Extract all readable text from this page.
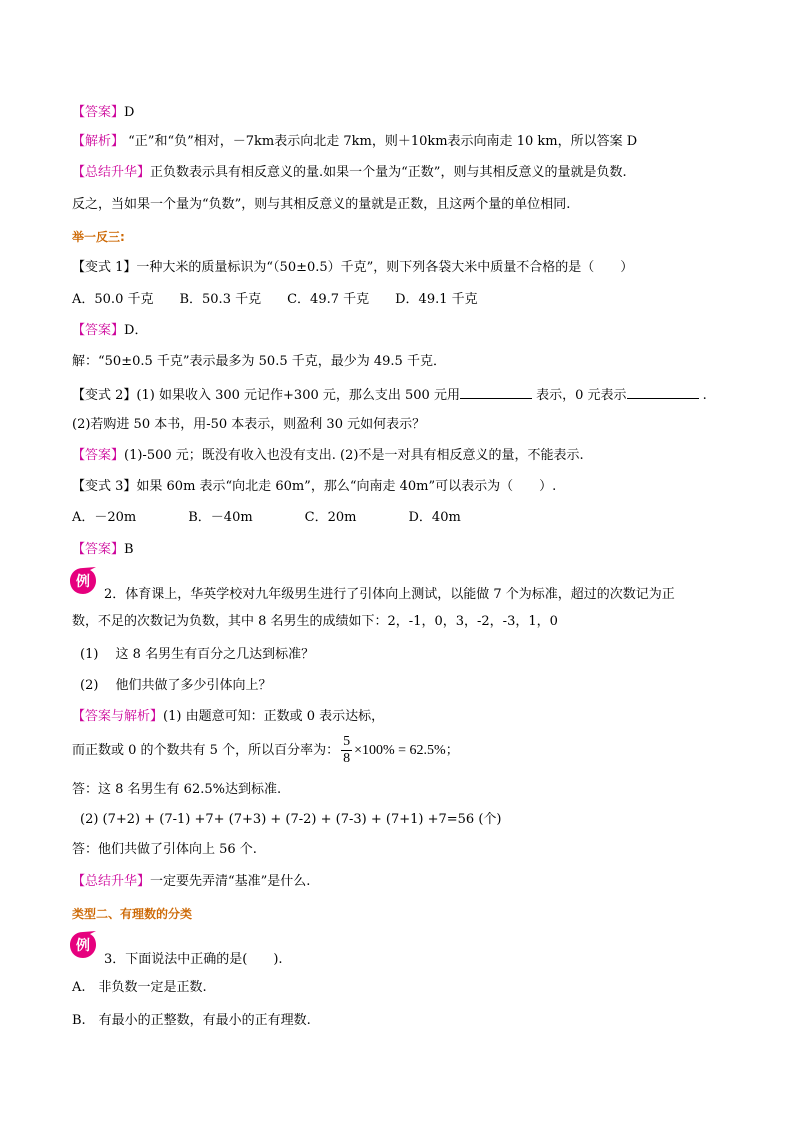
【答案】D
【解析】 “正”和“负”相对，－7km表示向北走 7km，则＋10km表示向南走 10 km，所以答案 D
【总结升华】正负数表示具有相反意义的量.如果一个量为“正数”，则与其相反意义的量就是负数.
反之，当如果一个量为“负数”，则与其相反意义的量就是正数，且这两个量的单位相同.
举一反三:
【变式 1】一种大米的质量标识为“（50±0.5）千克”，则下列各袋大米中质量不合格的是（　　）
A．50.0 千克　　B．50.3 千克　　C．49.7 千克　　D．49.1 千克
【答案】D．
解：“50±0.5 千克”表示最多为 50.5 千克，最少为 49.5 千克．
【变式 2】(1) 如果收入 300 元记作+300 元，那么支出 500 元用	表示，0 元表示	.
(2)若购进 50 本书，用-50 本表示，则盈利 30 元如何表示？
【答案】(1)-500 元；既没有收入也没有支出. (2)不是一对具有相反意义的量，不能表示.
【变式 3】如果 60m 表示“向北走 60m”，那么“向南走 40m”可以表示为（　　）.
A．－20m　　　　B．－40m　　　　C．20m　　　　D．40m
【答案】B
例
2．体育课上，华英学校对九年级男生进行了引体向上测试，以能做 7 个为标准，超过的次数记为正
数，不足的次数记为负数，其中 8 名男生的成绩如下：2，-1，0，3，-2，-3，1，0
(1)　 这 8 名男生有百分之几达到标准？
(2)　 他们共做了多少引体向上？
【答案与解析】(1) 由题意可知：正数或 0 表示达标，
而正数或 0 的个数共有 5 个，所以百分率为： $\frac{5}{8} \times 100\% = 62.5\%$；
答：这 8 名男生有 62.5%达到标准.
(2) (7+2) + (7-1) +7+ (7+3) + (7-2) + (7-3) + (7+1) +7=56 (个)
答：他们共做了引体向上 56 个.
【总结升华】一定要先弄清“基准”是什么.
类型二、有理数的分类
例
3．下面说法中正确的是(　　).
A.　非负数一定是正数.
B.　有最小的正整数，有最小的正有理数.
